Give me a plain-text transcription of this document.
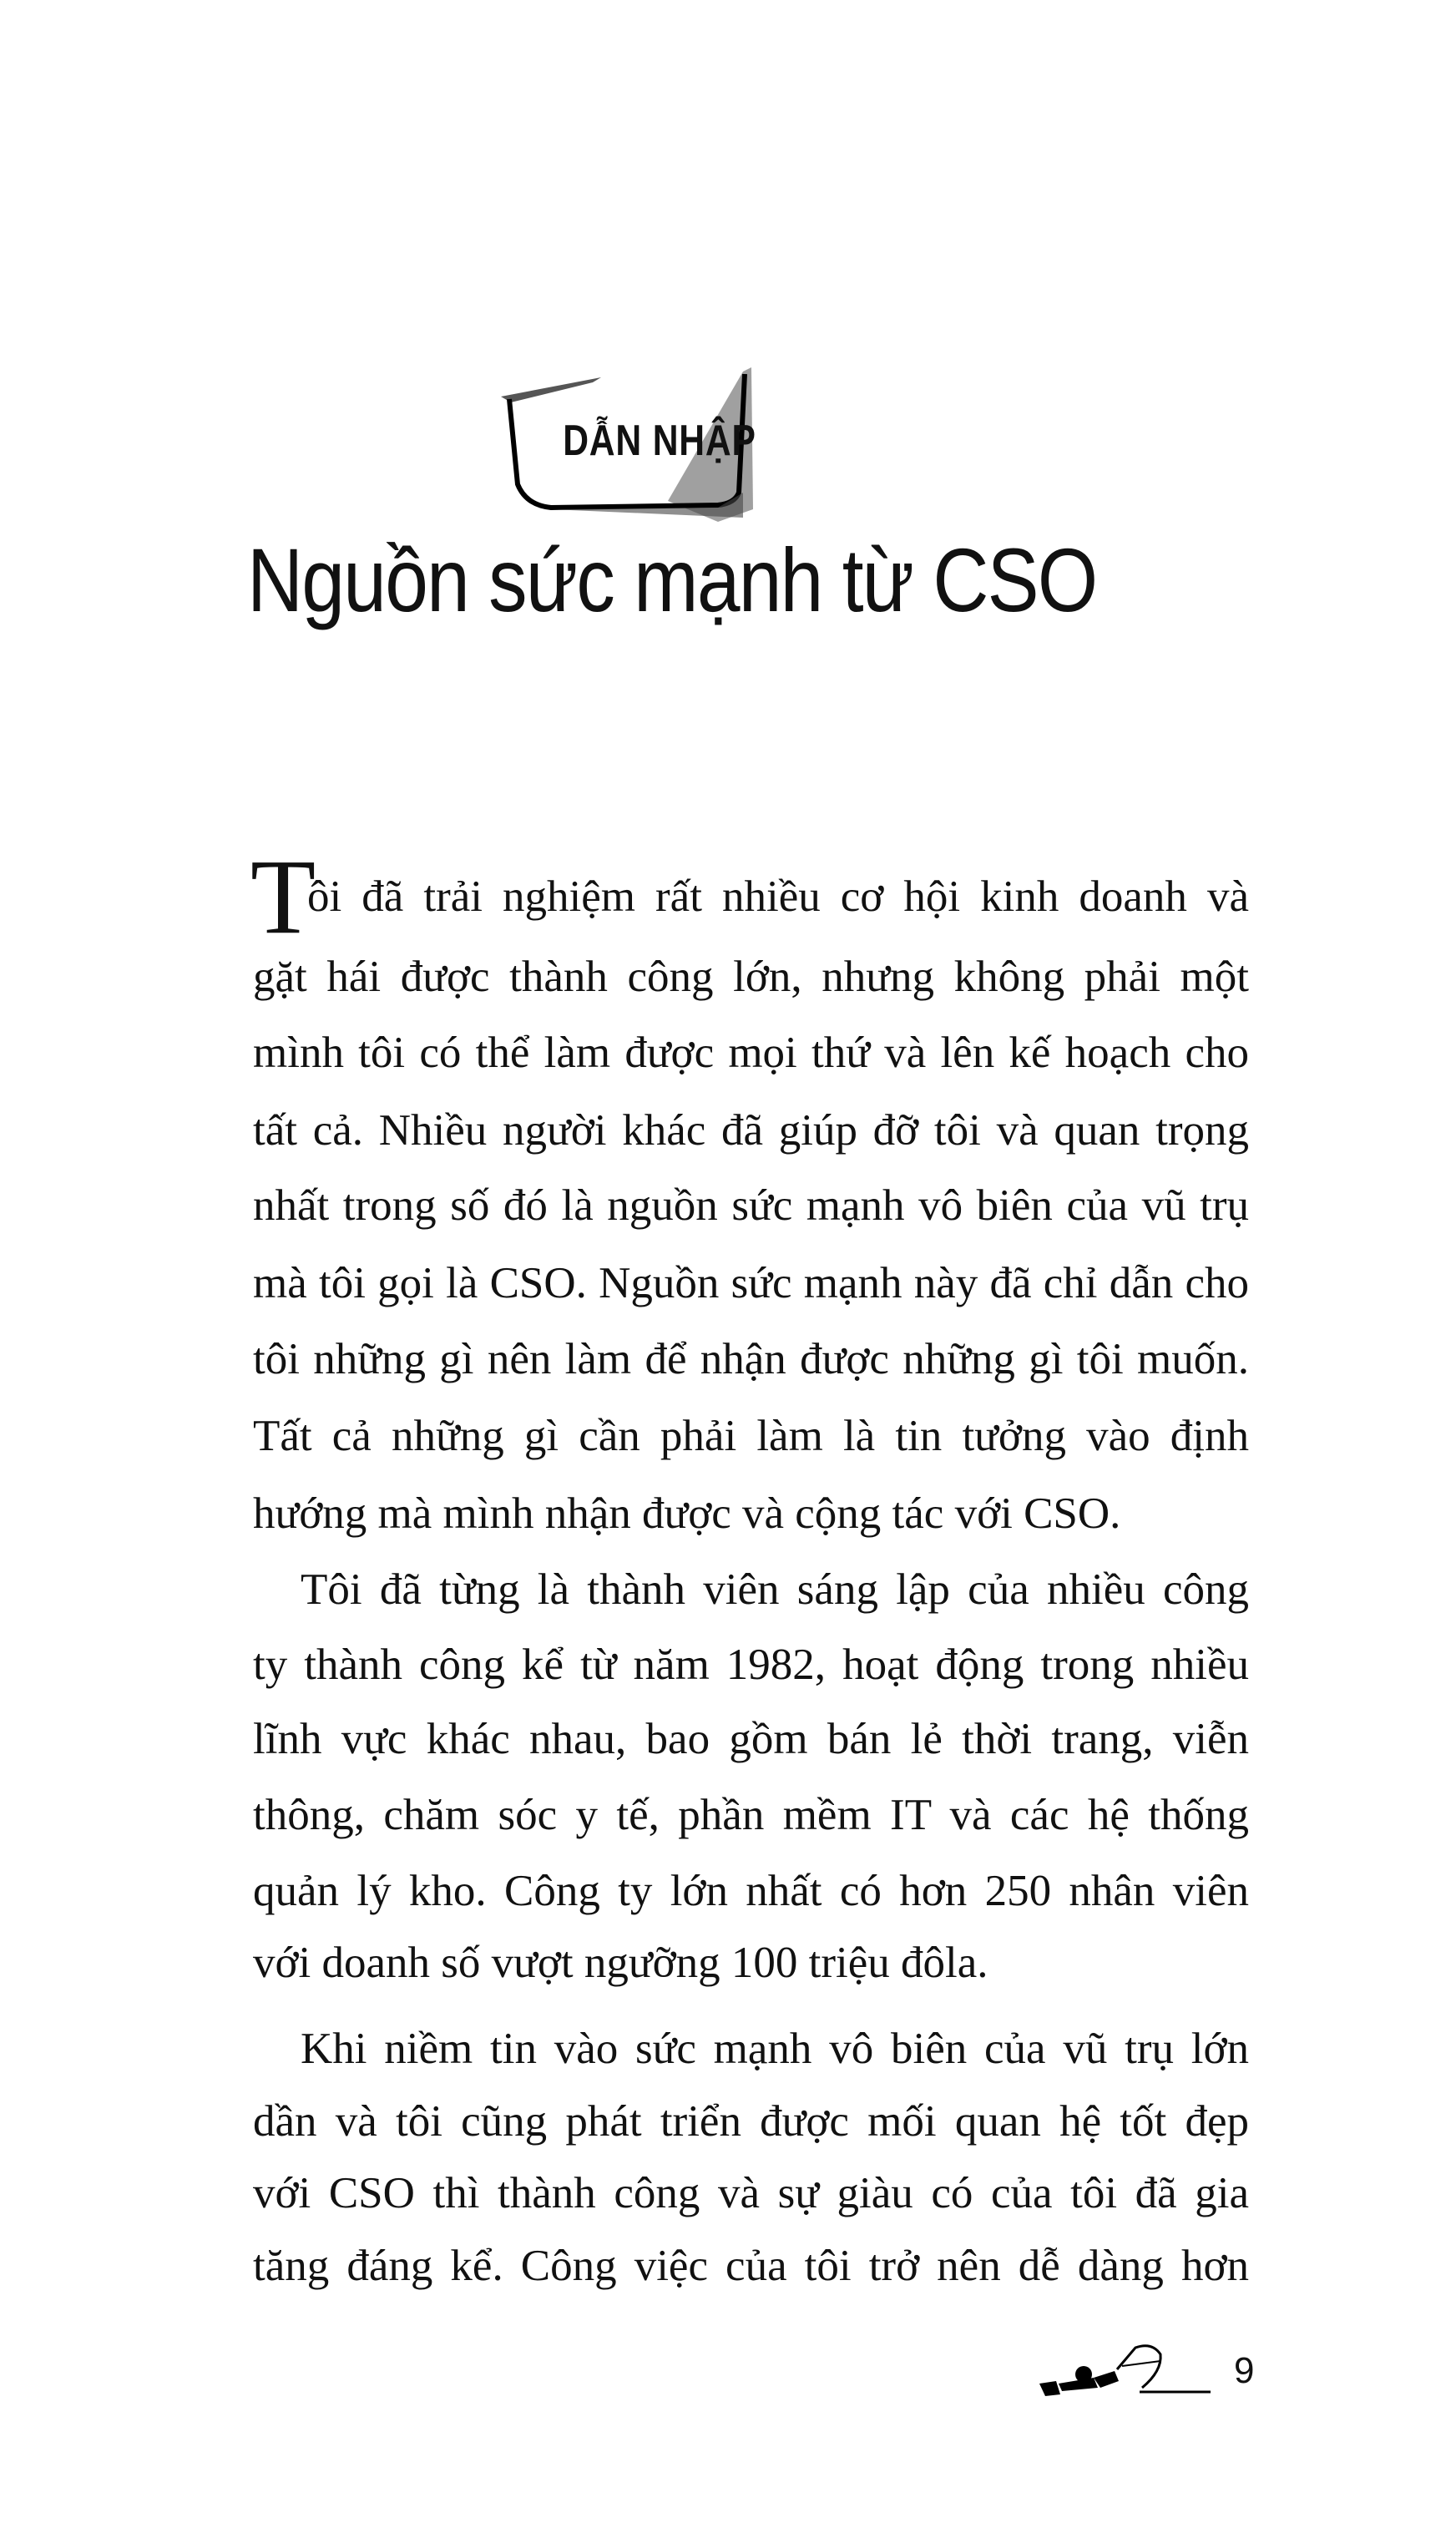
DẪN NHẬP
Nguồn sức mạnh từ CSO
T
ôi đã trải nghiệm rất nhiều cơ hội kinh doanh và
gặt hái được thành công lớn, nhưng không phải một
mình tôi có thể làm được mọi thứ và lên kế hoạch cho
tất cả. Nhiều người khác đã giúp đỡ tôi và quan trọng
nhất trong số đó là nguồn sức mạnh vô biên của vũ trụ
mà tôi gọi là CSO. Nguồn sức mạnh này đã chỉ dẫn cho
tôi những gì nên làm để nhận được những gì tôi muốn.
Tất cả những gì cần phải làm là tin tưởng vào định
hướng mà mình nhận được và cộng tác với CSO.
Tôi đã từng là thành viên sáng lập của nhiều công
ty thành công kể từ năm 1982, hoạt động trong nhiều
lĩnh vực khác nhau, bao gồm bán lẻ thời trang, viễn
thông, chăm sóc y tế, phần mềm IT và các hệ thống
quản lý kho. Công ty lớn nhất có hơn 250 nhân viên
với doanh số vượt ngưỡng 100 triệu đôla.
Khi niềm tin vào sức mạnh vô biên của vũ trụ lớn
dần và tôi cũng phát triển được mối quan hệ tốt đẹp
với CSO thì thành công và sự giàu có của tôi đã gia
tăng đáng kể. Công việc của tôi trở nên dễ dàng hơn
9
